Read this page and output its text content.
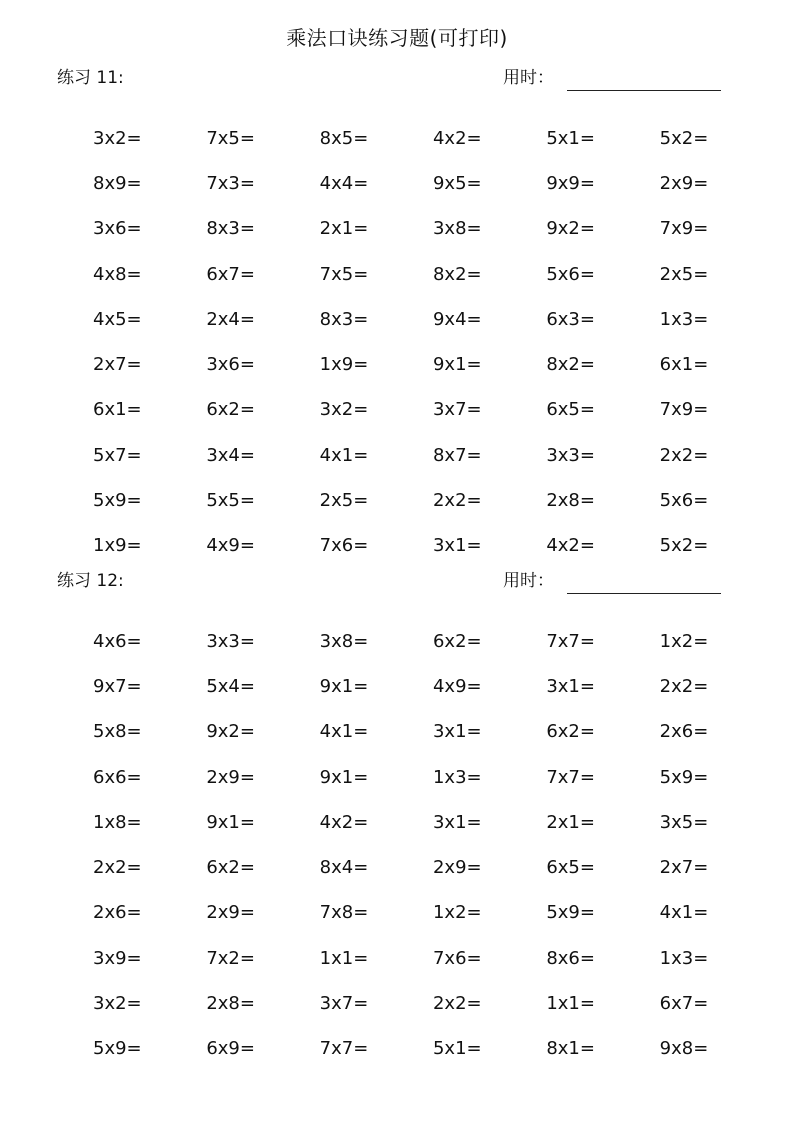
乘法口诀练习题(可打印)
练习 11:	用时：
3x2=	7x5=	8x5=	4x2=	5x1=	5x2=
8x9=	7x3=	4x4=	9x5=	9x9=	2x9=
3x6=	8x3=	2x1=	3x8=	9x2=	7x9=
4x8=	6x7=	7x5=	8x2=	5x6=	2x5=
4x5=	2x4=	8x3=	9x4=	6x3=	1x3=
2x7=	3x6=	1x9=	9x1=	8x2=	6x1=
6x1=	6x2=	3x2=	3x7=	6x5=	7x9=
5x7=	3x4=	4x1=	8x7=	3x3=	2x2=
5x9=	5x5=	2x5=	2x2=	2x8=	5x6=
1x9=	4x9=	7x6=	3x1=	4x2=	5x2=
练习 12:	用时：
4x6=	3x3=	3x8=	6x2=	7x7=	1x2=
9x7=	5x4=	9x1=	4x9=	3x1=	2x2=
5x8=	9x2=	4x1=	3x1=	6x2=	2x6=
6x6=	2x9=	9x1=	1x3=	7x7=	5x9=
1x8=	9x1=	4x2=	3x1=	2x1=	3x5=
2x2=	6x2=	8x4=	2x9=	6x5=	2x7=
2x6=	2x9=	7x8=	1x2=	5x9=	4x1=
3x9=	7x2=	1x1=	7x6=	8x6=	1x3=
3x2=	2x8=	3x7=	2x2=	1x1=	6x7=
5x9=	6x9=	7x7=	5x1=	8x1=	9x8=
